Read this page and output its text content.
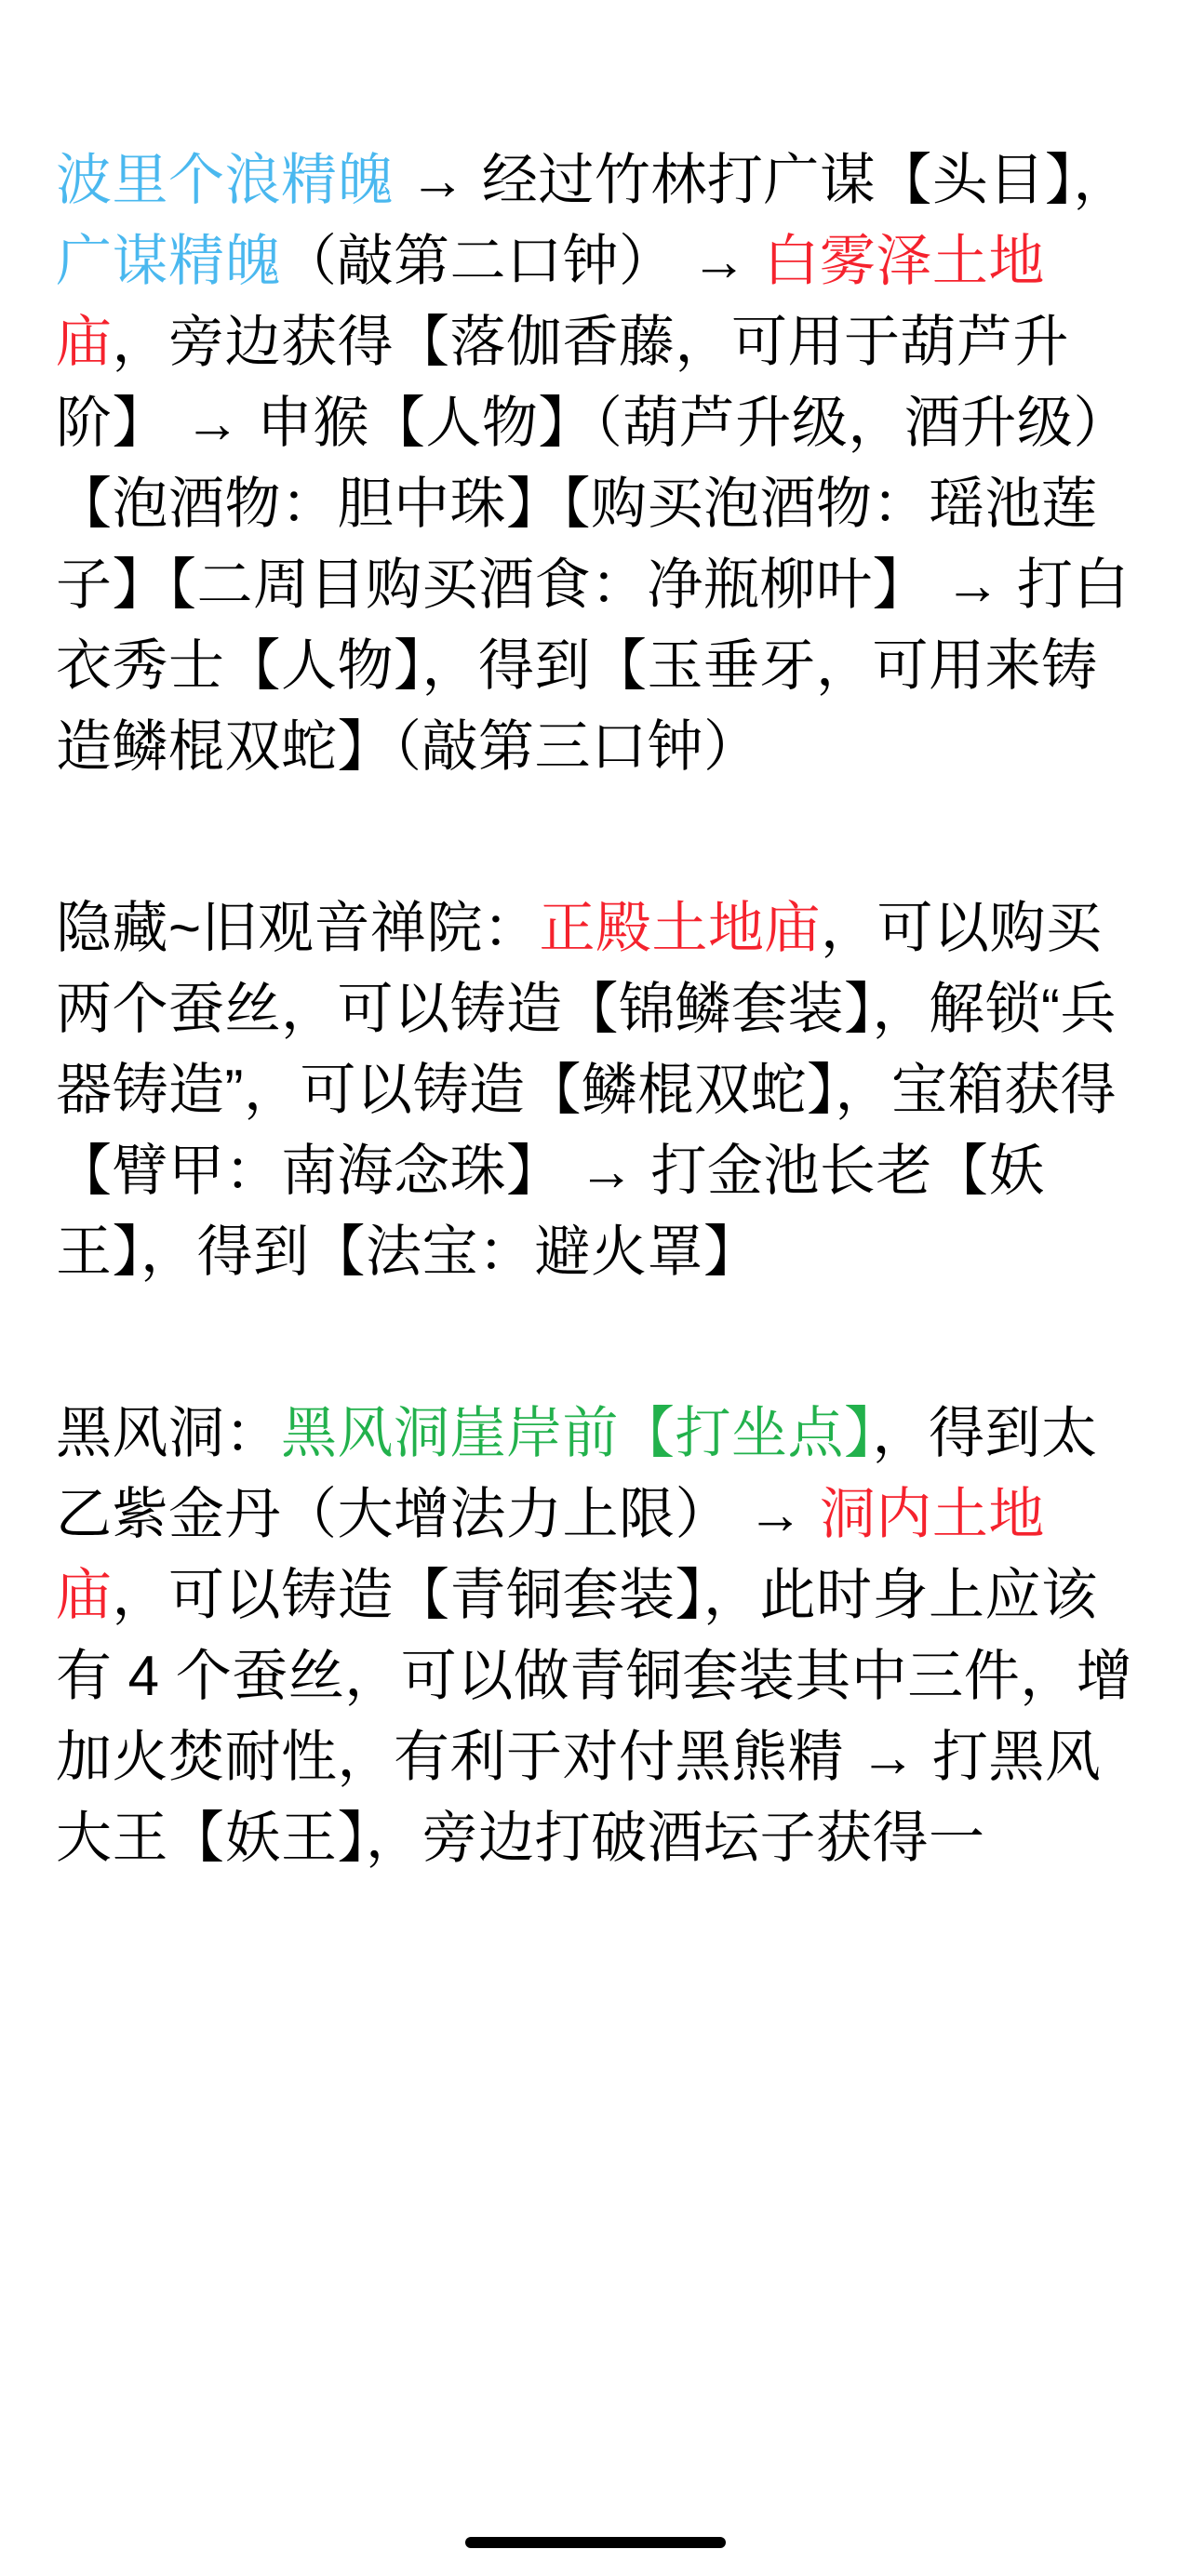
波里个浪精魄 → 经过竹林打广谋【头目】，广谋精魄（敲第二口钟） → 白雾泽土地庙，旁边获得【落伽香藤，可用于葫芦升阶】 → 申猴【人物】（葫芦升级，酒升级）【泡酒物：胆中珠】【购买泡酒物：瑶池莲子】【二周目购买酒食：净瓶柳叶】 → 打白衣秀士【人物】，得到【玉垂牙，可用来铸造鳞棍双蛇】（敲第三口钟）
隐藏~旧观音禅院：正殿土地庙，可以购买两个蚕丝，可以铸造【锦鳞套装】，解锁“兵器铸造”，可以铸造【鳞棍双蛇】，宝箱获得【臂甲：南海念珠】 → 打金池长老【妖王】，得到【法宝：避火罩】
黑风洞：黑风洞崖岸前【打坐点】，得到太乙紫金丹（大增法力上限） → 洞内土地庙，可以铸造【青铜套装】，此时身上应该有 4 个蚕丝，可以做青铜套装其中三件，增加火焚耐性，有利于对付黑熊精 → 打黑风大王【妖王】，旁边打破酒坛子获得一
